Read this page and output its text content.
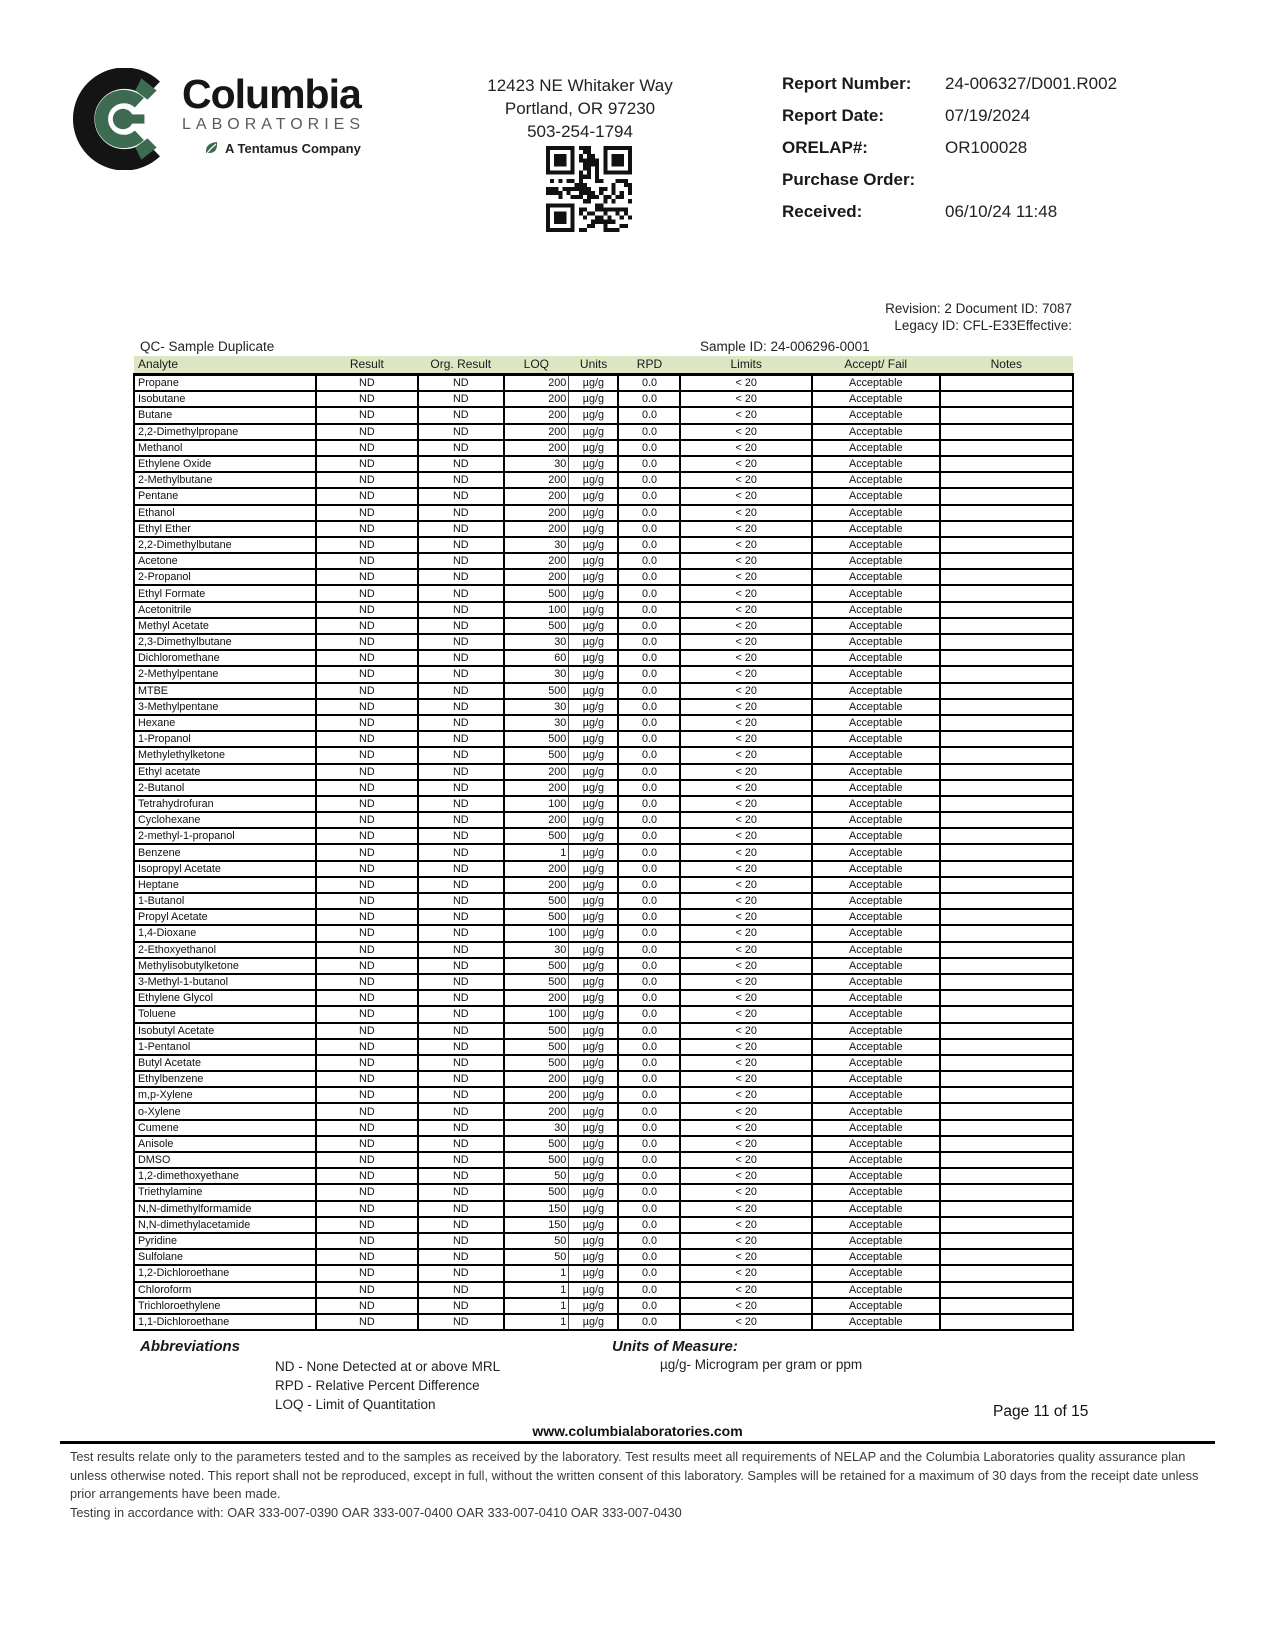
Columbia
LABORATORIES
A Tentamus Company
12423 NE Whitaker Way
Portland, OR 97230
503-254-1794
Report Number:	24-006327/D001.R002
Report Date:	07/19/2024
ORELAP#:	OR100028
Purchase Order:
Received:	06/10/24 11:48
Revision: 2 Document ID: 7087
Legacy ID: CFL-E33Effective:
QC- Sample Duplicate	Sample ID: 24-006296-0001
Analyte	Result	Org. Result	LOQ	Units	RPD	Limits	Accept/ Fail	Notes
Propane	ND	ND	200	µg/g	0.0	< 20	Acceptable	
Isobutane	ND	ND	200	µg/g	0.0	< 20	Acceptable	
Butane	ND	ND	200	µg/g	0.0	< 20	Acceptable	
2,2-Dimethylpropane	ND	ND	200	µg/g	0.0	< 20	Acceptable	
Methanol	ND	ND	200	µg/g	0.0	< 20	Acceptable	
Ethylene Oxide	ND	ND	30	µg/g	0.0	< 20	Acceptable	
2-Methylbutane	ND	ND	200	µg/g	0.0	< 20	Acceptable	
Pentane	ND	ND	200	µg/g	0.0	< 20	Acceptable	
Ethanol	ND	ND	200	µg/g	0.0	< 20	Acceptable	
Ethyl Ether	ND	ND	200	µg/g	0.0	< 20	Acceptable	
2,2-Dimethylbutane	ND	ND	30	µg/g	0.0	< 20	Acceptable	
Acetone	ND	ND	200	µg/g	0.0	< 20	Acceptable	
2-Propanol	ND	ND	200	µg/g	0.0	< 20	Acceptable	
Ethyl Formate	ND	ND	500	µg/g	0.0	< 20	Acceptable	
Acetonitrile	ND	ND	100	µg/g	0.0	< 20	Acceptable	
Methyl Acetate	ND	ND	500	µg/g	0.0	< 20	Acceptable	
2,3-Dimethylbutane	ND	ND	30	µg/g	0.0	< 20	Acceptable	
Dichloromethane	ND	ND	60	µg/g	0.0	< 20	Acceptable	
2-Methylpentane	ND	ND	30	µg/g	0.0	< 20	Acceptable	
MTBE	ND	ND	500	µg/g	0.0	< 20	Acceptable	
3-Methylpentane	ND	ND	30	µg/g	0.0	< 20	Acceptable	
Hexane	ND	ND	30	µg/g	0.0	< 20	Acceptable	
1-Propanol	ND	ND	500	µg/g	0.0	< 20	Acceptable	
Methylethylketone	ND	ND	500	µg/g	0.0	< 20	Acceptable	
Ethyl acetate	ND	ND	200	µg/g	0.0	< 20	Acceptable	
2-Butanol	ND	ND	200	µg/g	0.0	< 20	Acceptable	
Tetrahydrofuran	ND	ND	100	µg/g	0.0	< 20	Acceptable	
Cyclohexane	ND	ND	200	µg/g	0.0	< 20	Acceptable	
2-methyl-1-propanol	ND	ND	500	µg/g	0.0	< 20	Acceptable	
Benzene	ND	ND	1	µg/g	0.0	< 20	Acceptable	
Isopropyl Acetate	ND	ND	200	µg/g	0.0	< 20	Acceptable	
Heptane	ND	ND	200	µg/g	0.0	< 20	Acceptable	
1-Butanol	ND	ND	500	µg/g	0.0	< 20	Acceptable	
Propyl Acetate	ND	ND	500	µg/g	0.0	< 20	Acceptable	
1,4-Dioxane	ND	ND	100	µg/g	0.0	< 20	Acceptable	
2-Ethoxyethanol	ND	ND	30	µg/g	0.0	< 20	Acceptable	
Methylisobutylketone	ND	ND	500	µg/g	0.0	< 20	Acceptable	
3-Methyl-1-butanol	ND	ND	500	µg/g	0.0	< 20	Acceptable	
Ethylene Glycol	ND	ND	200	µg/g	0.0	< 20	Acceptable	
Toluene	ND	ND	100	µg/g	0.0	< 20	Acceptable	
Isobutyl Acetate	ND	ND	500	µg/g	0.0	< 20	Acceptable	
1-Pentanol	ND	ND	500	µg/g	0.0	< 20	Acceptable	
Butyl Acetate	ND	ND	500	µg/g	0.0	< 20	Acceptable	
Ethylbenzene	ND	ND	200	µg/g	0.0	< 20	Acceptable	
m,p-Xylene	ND	ND	200	µg/g	0.0	< 20	Acceptable	
o-Xylene	ND	ND	200	µg/g	0.0	< 20	Acceptable	
Cumene	ND	ND	30	µg/g	0.0	< 20	Acceptable	
Anisole	ND	ND	500	µg/g	0.0	< 20	Acceptable	
DMSO	ND	ND	500	µg/g	0.0	< 20	Acceptable	
1,2-dimethoxyethane	ND	ND	50	µg/g	0.0	< 20	Acceptable	
Triethylamine	ND	ND	500	µg/g	0.0	< 20	Acceptable	
N,N-dimethylformamide	ND	ND	150	µg/g	0.0	< 20	Acceptable	
N,N-dimethylacetamide	ND	ND	150	µg/g	0.0	< 20	Acceptable	
Pyridine	ND	ND	50	µg/g	0.0	< 20	Acceptable	
Sulfolane	ND	ND	50	µg/g	0.0	< 20	Acceptable	
1,2-Dichloroethane	ND	ND	1	µg/g	0.0	< 20	Acceptable	
Chloroform	ND	ND	1	µg/g	0.0	< 20	Acceptable	
Trichloroethylene	ND	ND	1	µg/g	0.0	< 20	Acceptable	
1,1-Dichloroethane	ND	ND	1	µg/g	0.0	< 20	Acceptable	
Abbreviations
ND - None Detected at or above MRL
RPD - Relative Percent Difference
LOQ - Limit of Quantitation
Units of Measure:
µg/g- Microgram per gram or ppm
Page 11 of 15
www.columbialaboratories.com

Test results relate only to the parameters tested and to the samples as received by the laboratory. Test results meet all requirements of NELAP and the Columbia Laboratories quality assurance plan unless otherwise noted. This report shall not be reproduced, except in full, without the written consent of this laboratory. Samples will be retained for a maximum of 30 days from the receipt date unless prior arrangements have been made.

Testing in accordance with: OAR 333-007-0390 OAR 333-007-0400 OAR 333-007-0410 OAR 333-007-0430
